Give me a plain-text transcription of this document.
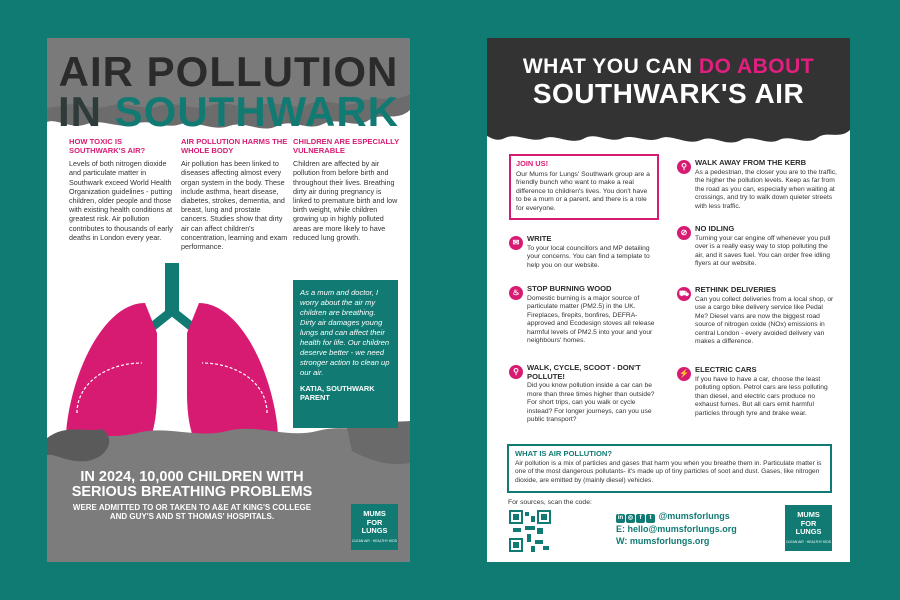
AIR POLLUTION
IN SOUTHWARK
HOW TOXIC IS SOUTHWARK'S AIR?

Levels of both nitrogen dioxide and particulate matter in Southwark exceed World Health Organization guidelines - putting children, older people and those with existing health conditions at greatest risk. Air pollution contributes to thousands of early deaths in London every year.

AIR POLLUTION HARMS THE WHOLE BODY

Air pollution has been linked to diseases affecting almost every organ system in the body. These include asthma, heart disease, diabetes, strokes, dementia, and breast, lung and prostate cancers. Studies show that dirty air can affect children's concentration, learning and exam performance.

CHILDREN ARE ESPECIALLY VULNERABLE

Children are affected by air pollution from before birth and throughout their lives. Breathing dirty air during pregnancy is linked to premature birth and low birth weight, while children growing up in highly polluted areas are more likely to have reduced lung growth.

As a mum and doctor, I worry about the air my children are breathing. Dirty air damages young lungs and can affect their health for life. Our children deserve better - we need stronger action to clean up our air.
KATIA, SOUTHWARK PARENT
IN 2024, 10,000 CHILDREN WITH SERIOUS BREATHING PROBLEMS
WERE ADMITTED TO OR TAKEN TO A&E AT KING'S COLLEGE AND GUY'S AND ST THOMAS' HOSPITALS.	MUMS
FOR
LUNGS
CLEAN AIR · HEALTHY KIDS
WHAT YOU CAN DO ABOUT
SOUTHWARK'S AIR
JOIN US!
Our Mums for Lungs' Southwark group are a friendly bunch who want to make a real difference to children's lives. You don't have to be a mum or a parent, and there is a role for everyone.
✉	WRITE

To your local councillors and MP detailing your concerns. You can find a template to help you on our website.

♨ STOP BURNING WOOD

Domestic burning is a major source of particulate matter (PM2.5) in the UK. Fireplaces, firepits, bonfires, DEFRA-approved and Ecodesign stoves all release harmful levels of PM2.5 into your and your neighbours' homes.

⚲	WALK, CYCLE, SCOOT - DON'T POLLUTE!

Did you know pollution inside a car can be more than three times higher than outside? For short trips, can you walk or cycle instead? For longer journeys, can you use public transport?

⚲	WALK AWAY FROM THE KERB

As a pedestrian, the closer you are to the traffic, the higher the pollution levels. Keep as far from the road as you can, especially when waiting at crossings, and try to walk down quieter streets with less traffic.

⊘	NO IDLING

Turning your car engine off whenever you pull over is a really easy way to stop polluting the air, and it saves fuel. You can order free idling flyers at our website.

⛟ RETHINK DELIVERIES

Can you collect deliveries from a local shop, or use a cargo bike delivery service like Pedal Me? Diesel vans are now the biggest road source of nitrogen oxide (NOx) emissions in central London - every avoided delivery van makes a difference.

⚡ ELECTRIC CARS

If you have to have a car, choose the least polluting option. Petrol cars are less polluting than diesel, and electric cars produce no exhaust fumes. But all cars emit harmful particles through tyre and brake wear.

WHAT IS AIR POLLUTION?
Air pollution is a mix of particles and gases that harm you when you breathe them in. Particulate matter is one of the most dangerous pollutants- it's made up of tiny particles of soot and dust. Gases, like nitrogen dioxide, are emitted by (mainly diesel) vehicles.
For sources, scan the code:
in ◎ f t @mumsforlungs
E: hello@mumsforlungs.org
W: mumsforlungs.org
MUMS
FOR
LUNGS
CLEAN AIR · HEALTHY KIDS
